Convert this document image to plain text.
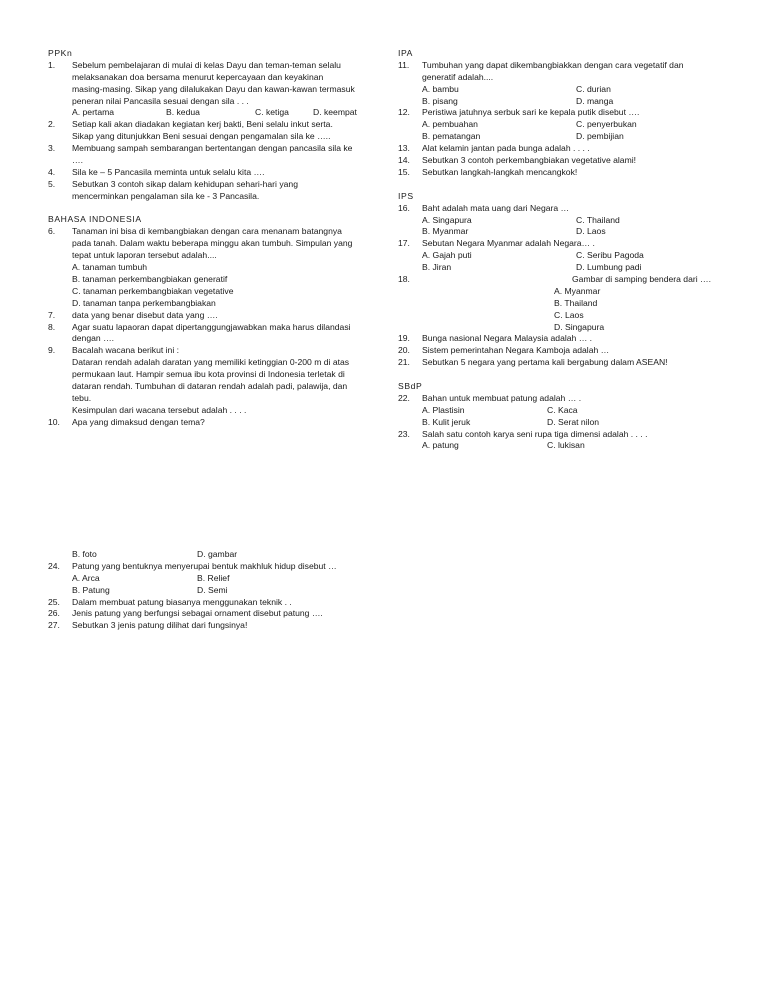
PPKn
1.	Sebelum pembelajaran di mulai di kelas Dayu dan teman-teman selalu
melaksanakan doa bersama menurut kepercayaan dan keyakinan
masing-masing. Sikap yang dilalukakan Dayu dan kawan-kawan termasuk
peneran nilai Pancasila sesuai dengan sila . . .
A. pertama	B. kedua	C. ketiga	D. keempat
2.	Setiap kali akan diadakan kegiatan kerj bakti, Beni selalu inkut serta.
Sikap yang ditunjukkan Beni sesuai dengan pengamalan sila ke …..
3.	Membuang sampah sembarangan bertentangan dengan pancasila sila ke
….
4.	Sila ke – 5 Pancasila meminta untuk selalu kita ….
5.	Sebutkan 3 contoh sikap dalam kehidupan sehari-hari yang
mencerminkan pengalaman sila ke - 3 Pancasila.
BAHASA INDONESIA
6.	Tanaman ini bisa di kembangbiakan dengan cara menanam batangnya
pada tanah. Dalam waktu beberapa minggu akan tumbuh. Simpulan yang
tepat untuk laporan tersebut adalah....
A. tanaman tumbuh
B. tanaman perkembangbiakan generatif
C. tanaman perkembangbiakan vegetative
D. tanaman tanpa perkembangbiakan
7.	data yang benar disebut data yang ….
8.	Agar suatu lapaoran dapat dipertanggungjawabkan maka harus dilandasi
dengan ….
9.	Bacalah wacana berikut ini :
Dataran rendah adalah daratan yang memiliki ketinggian 0-200 m di atas
permukaan laut. Hampir semua ibu kota provinsi di Indonesia terletak di
dataran rendah. Tumbuhan di dataran rendah adalah padi, palawija, dan
tebu.
Kesimpulan dari wacana tersebut adalah . . . .
10.	Apa yang dimaksud dengan tema?
IPA
11.	Tumbuhan yang dapat dikembangbiakkan dengan cara vegetatif dan
generatif adalah....
A. bambu	C. durian
B. pisang	D. manga
12.	Peristiwa jatuhnya serbuk sari ke kepala putik disebut ….
A. pembuahan	C. penyerbukan
B. pematangan	D. pembijian
13.	Alat kelamin jantan pada bunga adalah . . . .
14.	Sebutkan 3 contoh perkembangbiakan vegetative alami!
15.	Sebutkan langkah-langkah mencangkok!
IPS
16.	Baht adalah mata uang dari Negara …
A. Singapura	C. Thailand
B. Myanmar	D. Laos
17.	Sebutan Negara Myanmar adalah Negara… .
A. Gajah puti	C. Seribu Pagoda
B. Jiran	D. Lumbung padi
18.	Gambar di samping bendera dari ….
A. Myanmar
B. Thailand
C. Laos
D. Singapura
19.	Bunga nasional Negara Malaysia adalah … .
20.	Sistem pemerintahan Negara Kamboja adalah …
21.	Sebutkan 5 negara yang pertama kali bergabung dalam ASEAN!
SBdP
22.	Bahan untuk membuat patung adalah … .
A. Plastisin	C. Kaca
B. Kulit jeruk	D. Serat nilon
23.	Salah satu contoh karya seni rupa tiga dimensi adalah . . . .
A. patung	C. lukisan
B. foto	D. gambar
24.	Patung yang bentuknya menyerupai bentuk makhluk hidup disebut …
A. Arca	B. Relief
B. Patung	D. Semi
25.	Dalam membuat patung biasanya menggunakan teknik . .
26.	Jenis patung yang berfungsi sebagai ornament disebut patung ….
27.	Sebutkan 3 jenis patung dilihat dari fungsinya!
